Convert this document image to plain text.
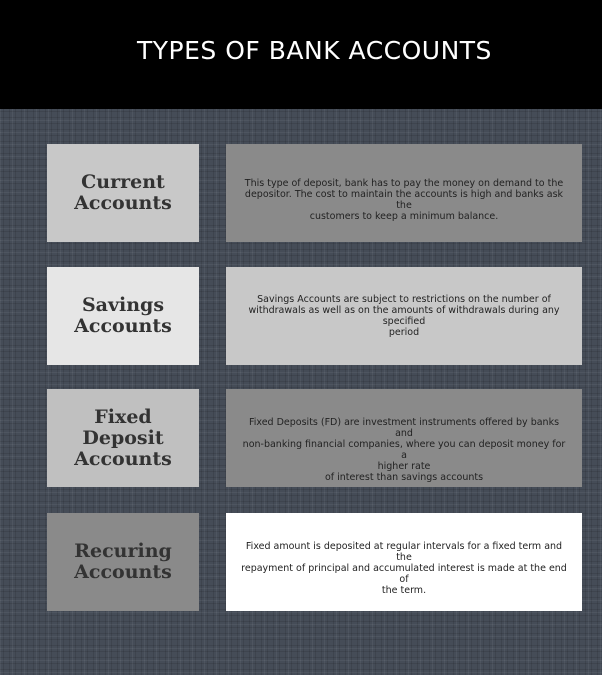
TYPES OF BANK ACCOUNTS
Current
Accounts
This type of deposit, bank has to pay the money on demand to the
depositor. The cost to maintain the accounts is high and banks ask the
customers to keep a minimum balance.
Savings
Accounts
Savings Accounts are subject to restrictions on the number of
withdrawals as well as on the amounts of withdrawals during any specified
period
Fixed
Deposit
Accounts
Fixed Deposits (FD) are investment instruments offered by banks and
non-banking financial companies, where you can deposit money for a
higher rate
of interest than savings accounts
Recuring
Accounts
Fixed amount is deposited at regular intervals for a fixed term and the
repayment of principal and accumulated interest is made at the end of
the term.
